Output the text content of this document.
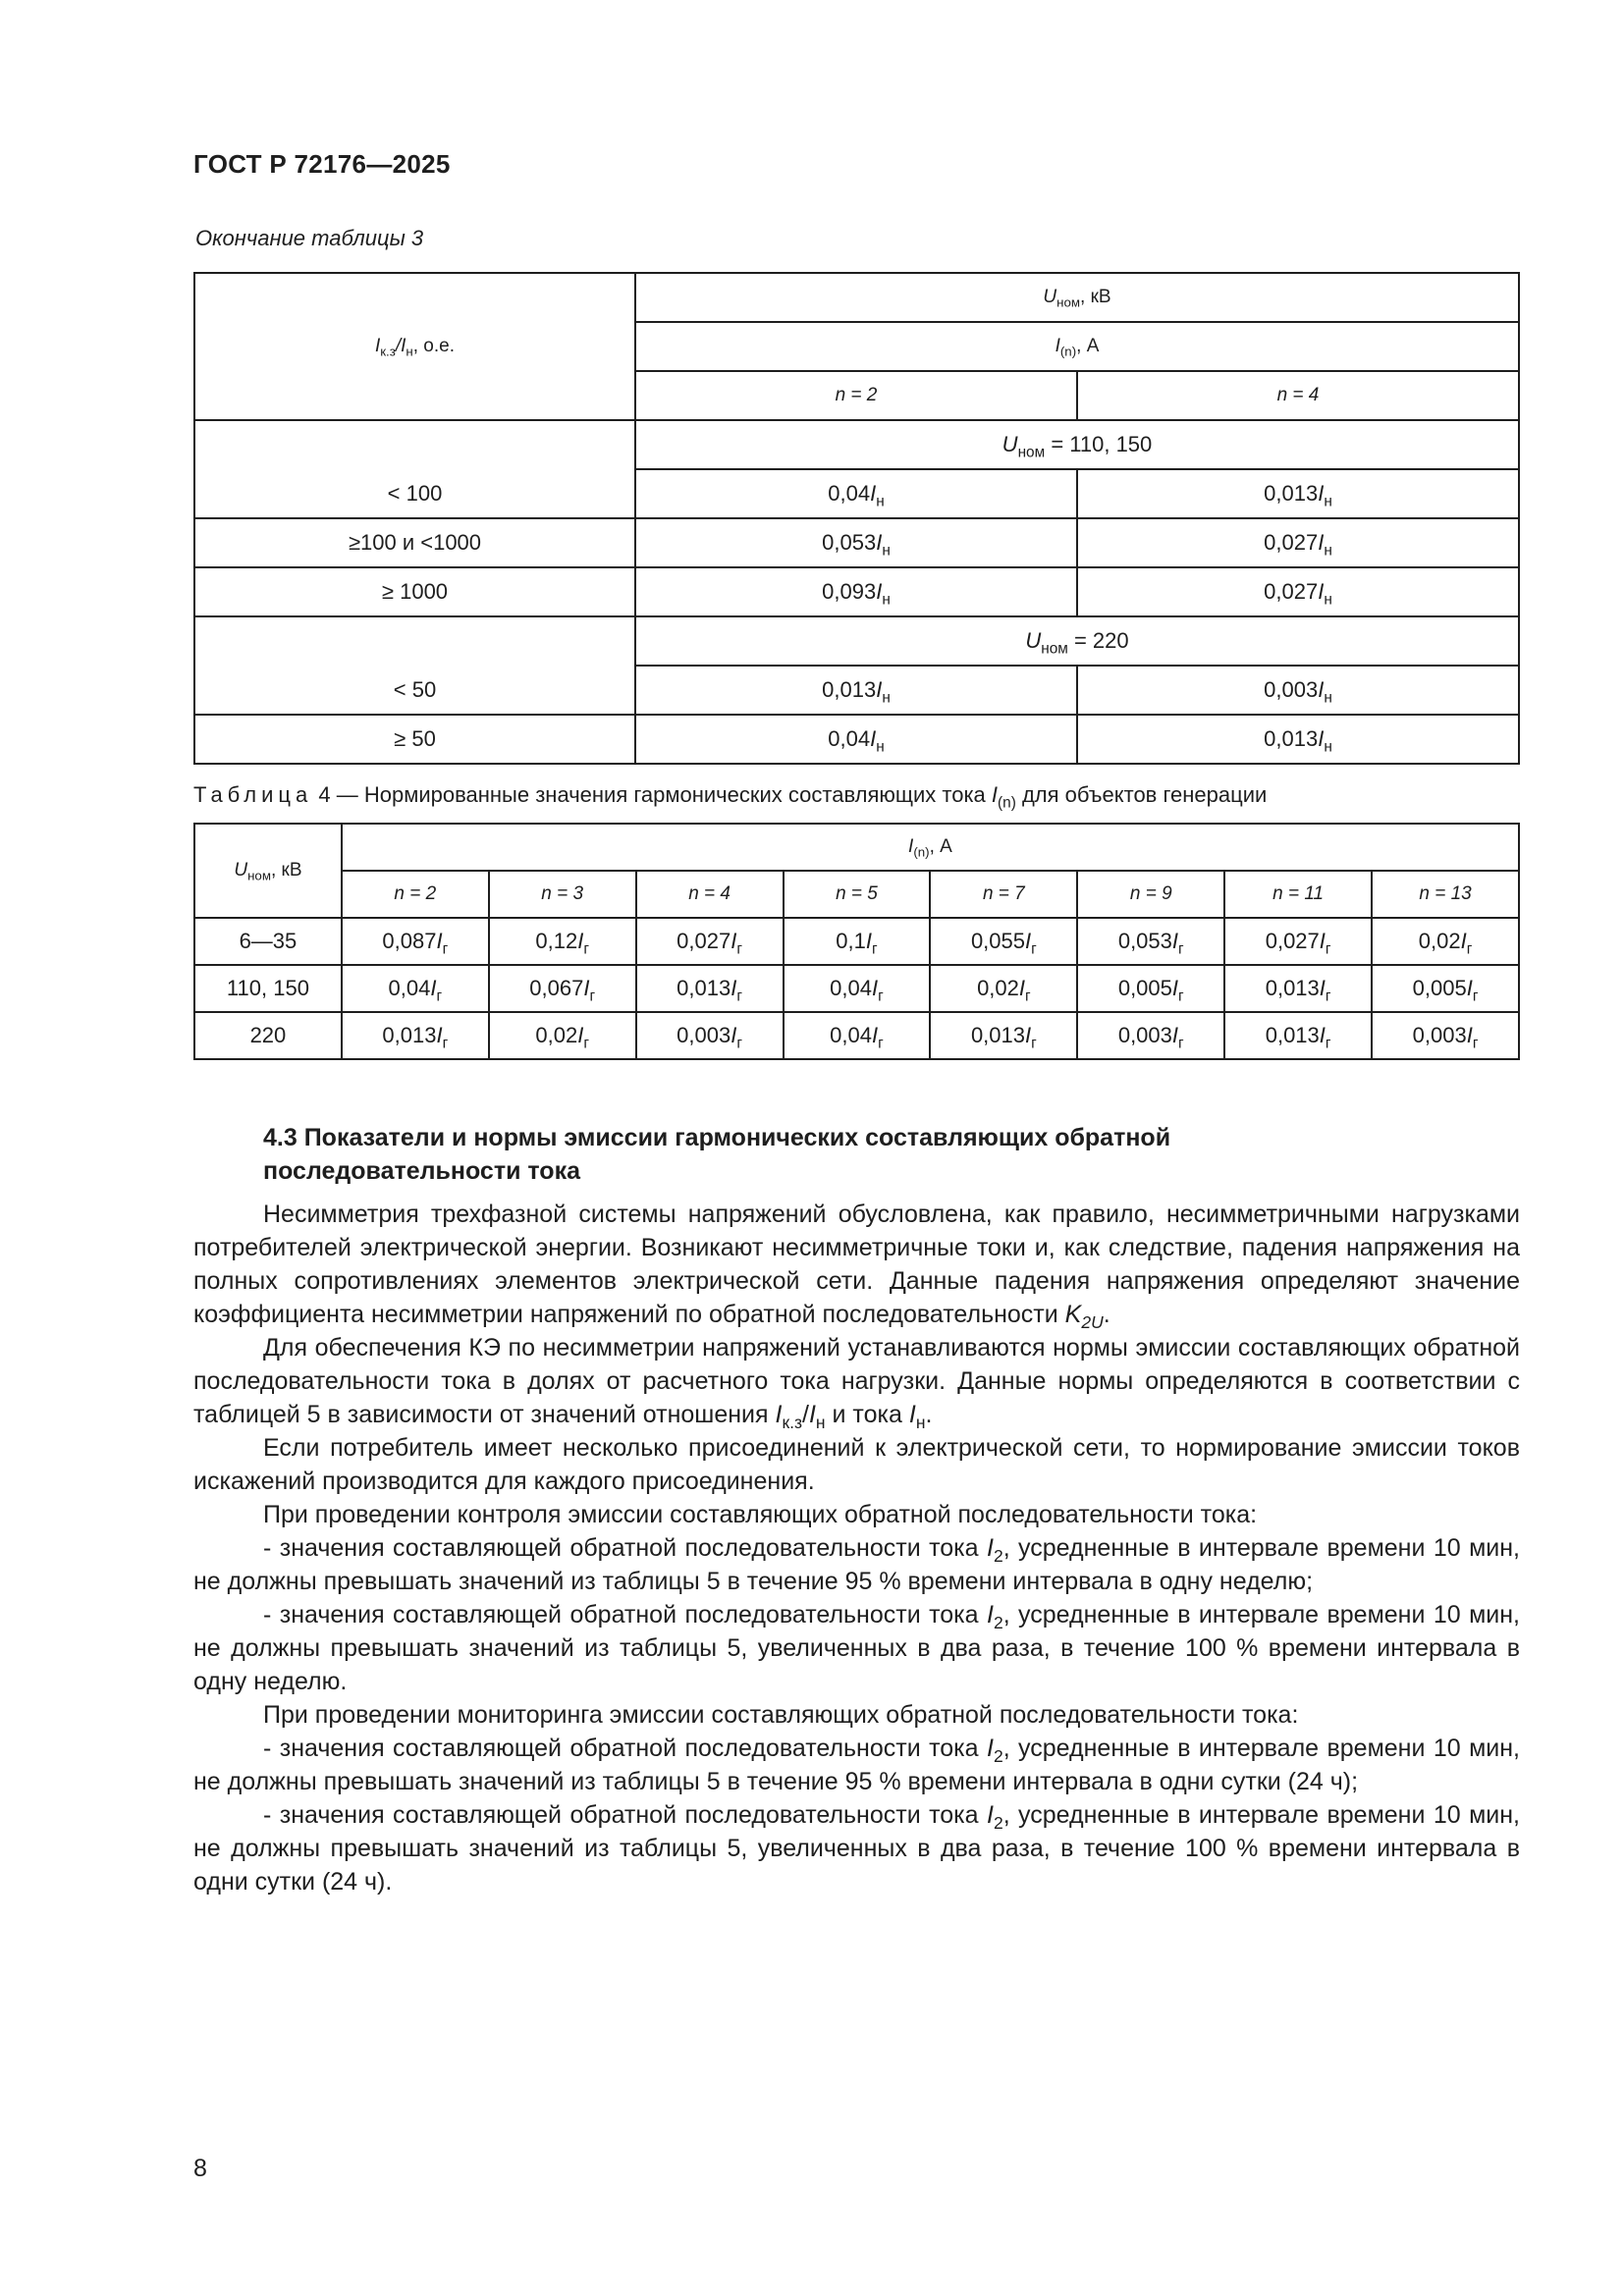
ГОСТ Р 72176—2025
Окончание таблицы 3
$I_{к.з}/I_н$, о.е.	$U_{ном}$, кВ	
	$I_{(n)}$, А	
	n = 2	n = 4
	$U_{ном} = 110$, 150	
< 100	$0,04I_н$	$0,013I_н$
≥100 и <1000	$0,053I_н$	$0,027I_н$
≥ 1000	$0,093I_н$	$0,027I_н$
	$U_{ном} = 220$	
< 50	$0,013I_н$	$0,003I_н$
≥ 50	$0,04I_н$	$0,013I_н$
Таблица 4 — Нормированные значения гармонических составляющих тока $I_{(n)}$ для объектов генерации
$U_{ном}$, кВ	$I_{(n)}$, А							
	n = 2	n = 3	n = 4	n = 5	n = 7	n = 9	n = 11	n = 13
6—35	$0,087I_г$	$0,12I_г$	$0,027I_г$	$0,1I_г$	$0,055I_г$	$0,053I_г$	$0,027I_г$	$0,02I_г$
110, 150	$0,04I_г$	$0,067I_г$	$0,013I_г$	$0,04I_г$	$0,02I_г$	$0,005I_г$	$0,013I_г$	$0,005I_г$
220	$0,013I_г$	$0,02I_г$	$0,003I_г$	$0,04I_г$	$0,013I_г$	$0,003I_г$	$0,013I_г$	$0,003I_г$
4.3 Показатели и нормы эмиссии гармонических составляющих обратной
последовательности тока

Несимметрия трехфазной системы напряжений обусловлена, как правило, несимметричными нагрузками потребителей электрической энергии. Возникают несимметричные токи и, как следствие, падения напряжения на полных сопротивлениях элементов электрической сети. Данные падения напряжения определяют значение коэффициента несимметрии напряжений по обратной последовательности $K_{2U}$.

Для обеспечения КЭ по несимметрии напряжений устанавливаются нормы эмиссии составляющих обратной последовательности тока в долях от расчетного тока нагрузки. Данные нормы определяются в соответствии с таблицей 5 в зависимости от значений отношения $I_{к.з}/I_н$ и тока $I_н$.

Если потребитель имеет несколько присоединений к электрической сети, то нормирование эмиссии токов искажений производится для каждого присоединения.

При проведении контроля эмиссии составляющих обратной последовательности тока:

- значения составляющей обратной последовательности тока $I_2$, усредненные в интервале времени 10 мин, не должны превышать значений из таблицы 5 в течение 95 % времени интервала в одну неделю;

- значения составляющей обратной последовательности тока $I_2$, усредненные в интервале времени 10 мин, не должны превышать значений из таблицы 5, увеличенных в два раза, в течение 100 % времени интервала в одну неделю.

При проведении мониторинга эмиссии составляющих обратной последовательности тока:

- значения составляющей обратной последовательности тока $I_2$, усредненные в интервале времени 10 мин, не должны превышать значений из таблицы 5 в течение 95 % времени интервала в одни сутки (24 ч);

- значения составляющей обратной последовательности тока $I_2$, усредненные в интервале времени 10 мин, не должны превышать значений из таблицы 5, увеличенных в два раза, в течение 100 % времени интервала в одни сутки (24 ч).

8
